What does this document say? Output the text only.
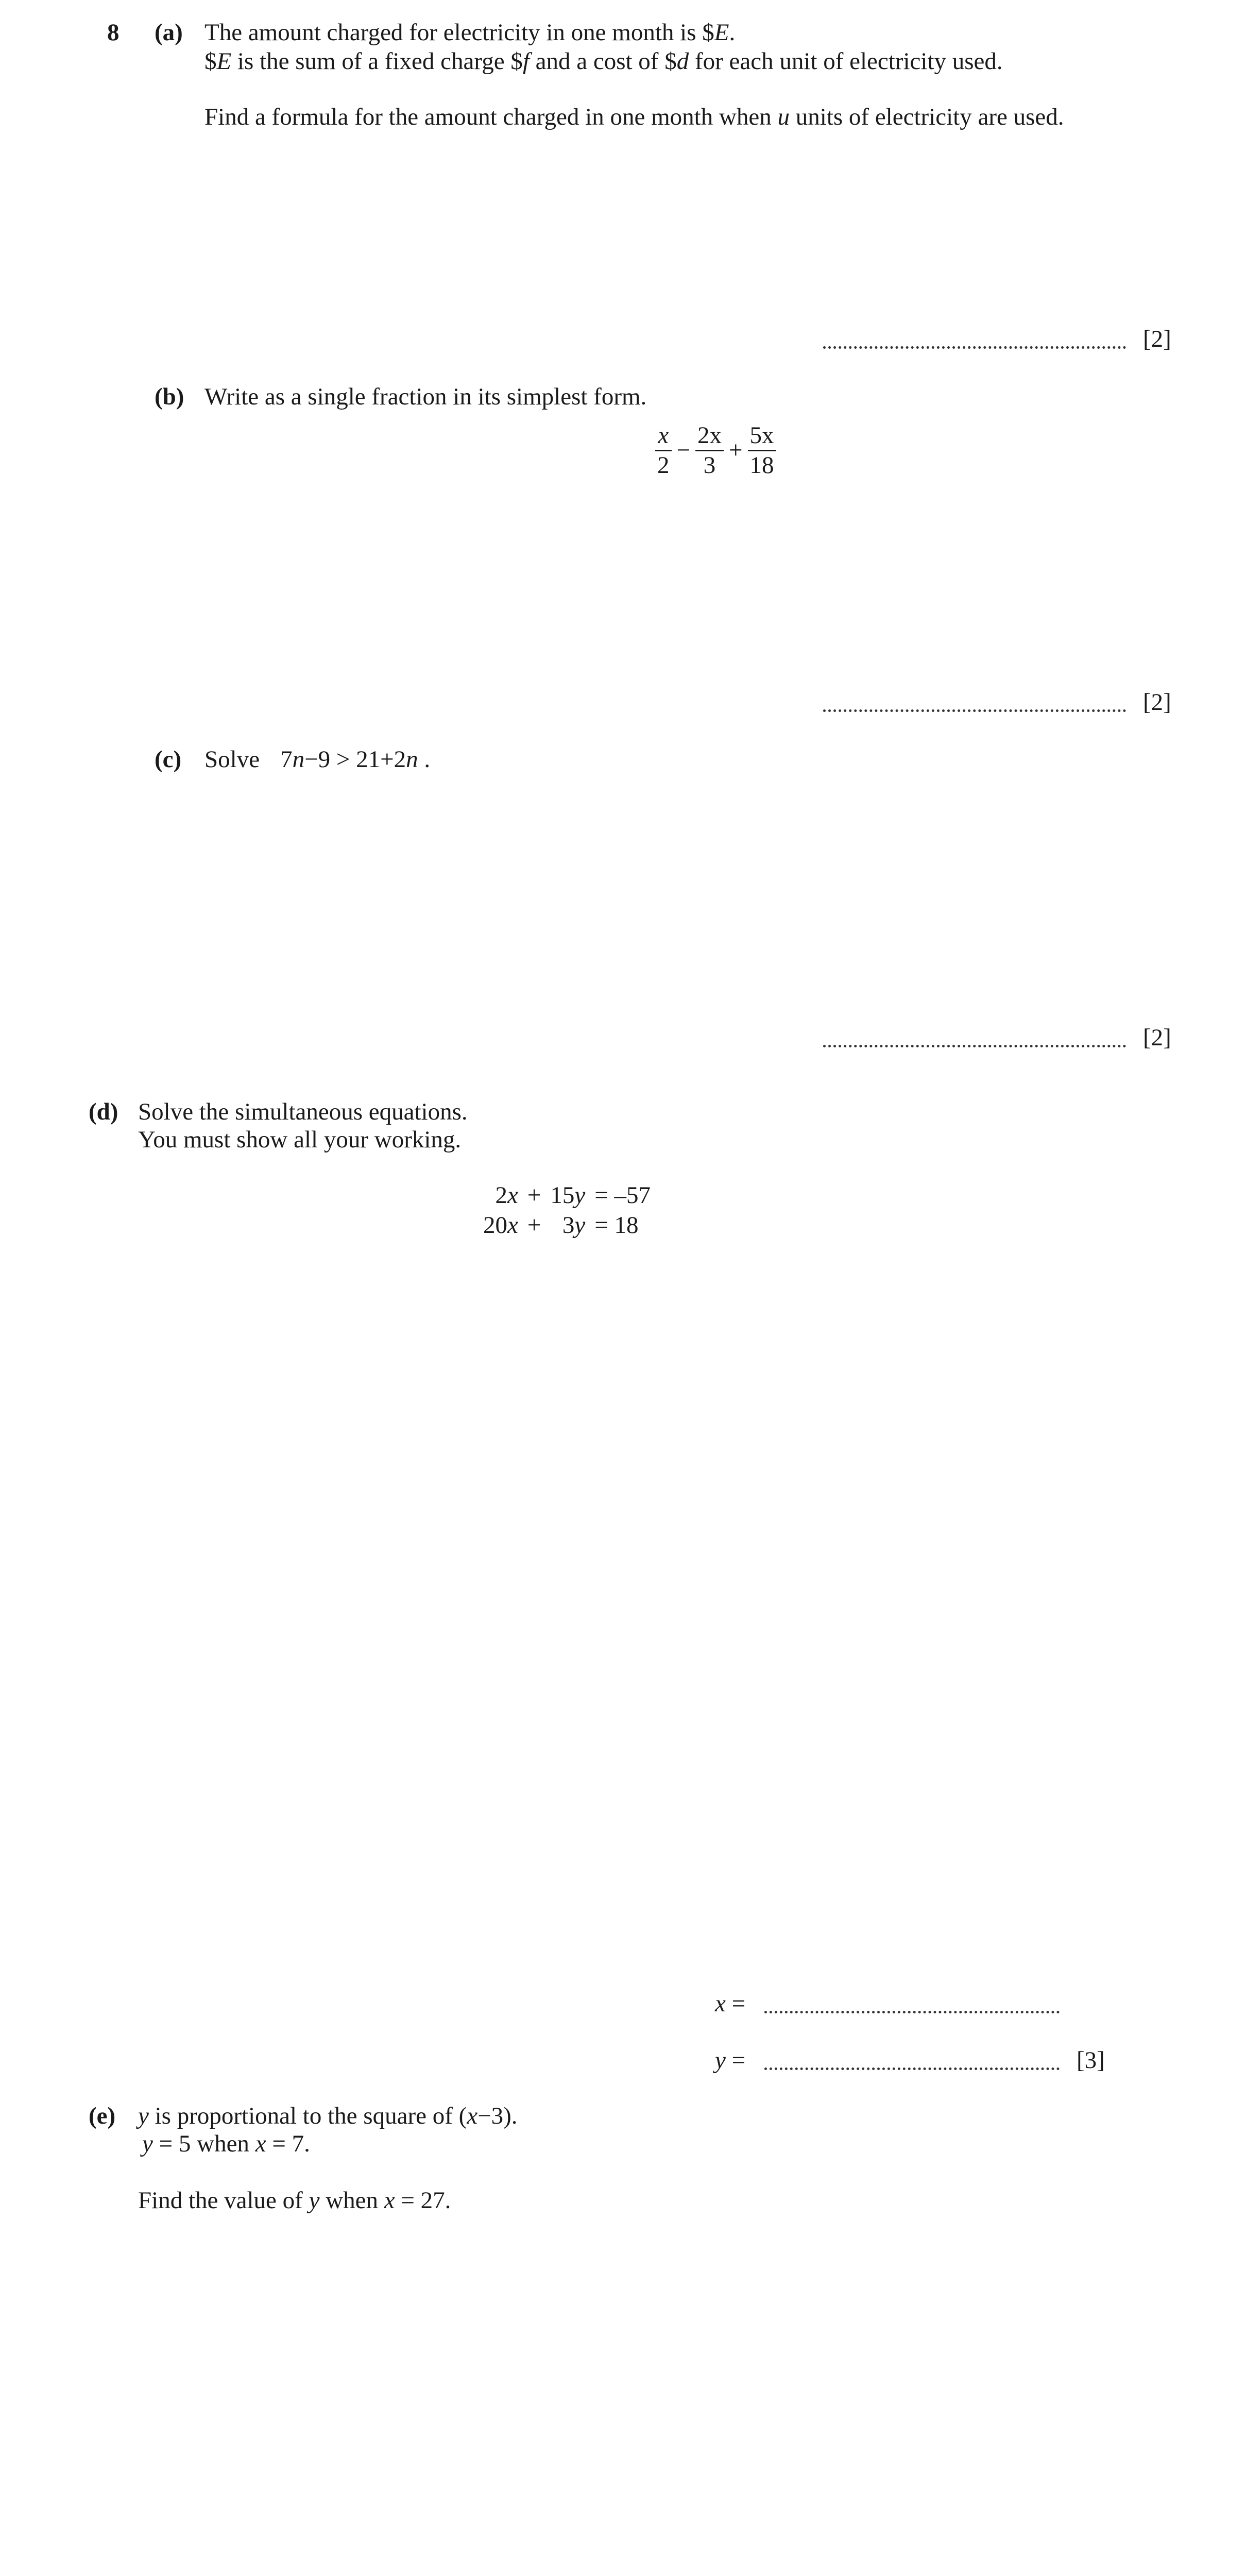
8 (a) The amount charged for electricity in one month is $E.
$E is the sum of a fixed charge $f and a cost of $d for each unit of electricity used.
Find a formula for the amount charged in one month when u units of electricity are used.
[2]
(b) Write as a single fraction in its simplest form.
$\frac{x}{2} - \frac{2x}{3} + \frac{5x}{18}$
[2]
(c) Solve 7n−9 > 21+2n .
[2]
(d) Solve the simultaneous equations.
You must show all your working.
2x + 15y = –57
20x + 3y = 18
x =
y =	[3]
(e) y is proportional to the square of (x−3).
y = 5 when x = 7.
Find the value of y when x = 27.
